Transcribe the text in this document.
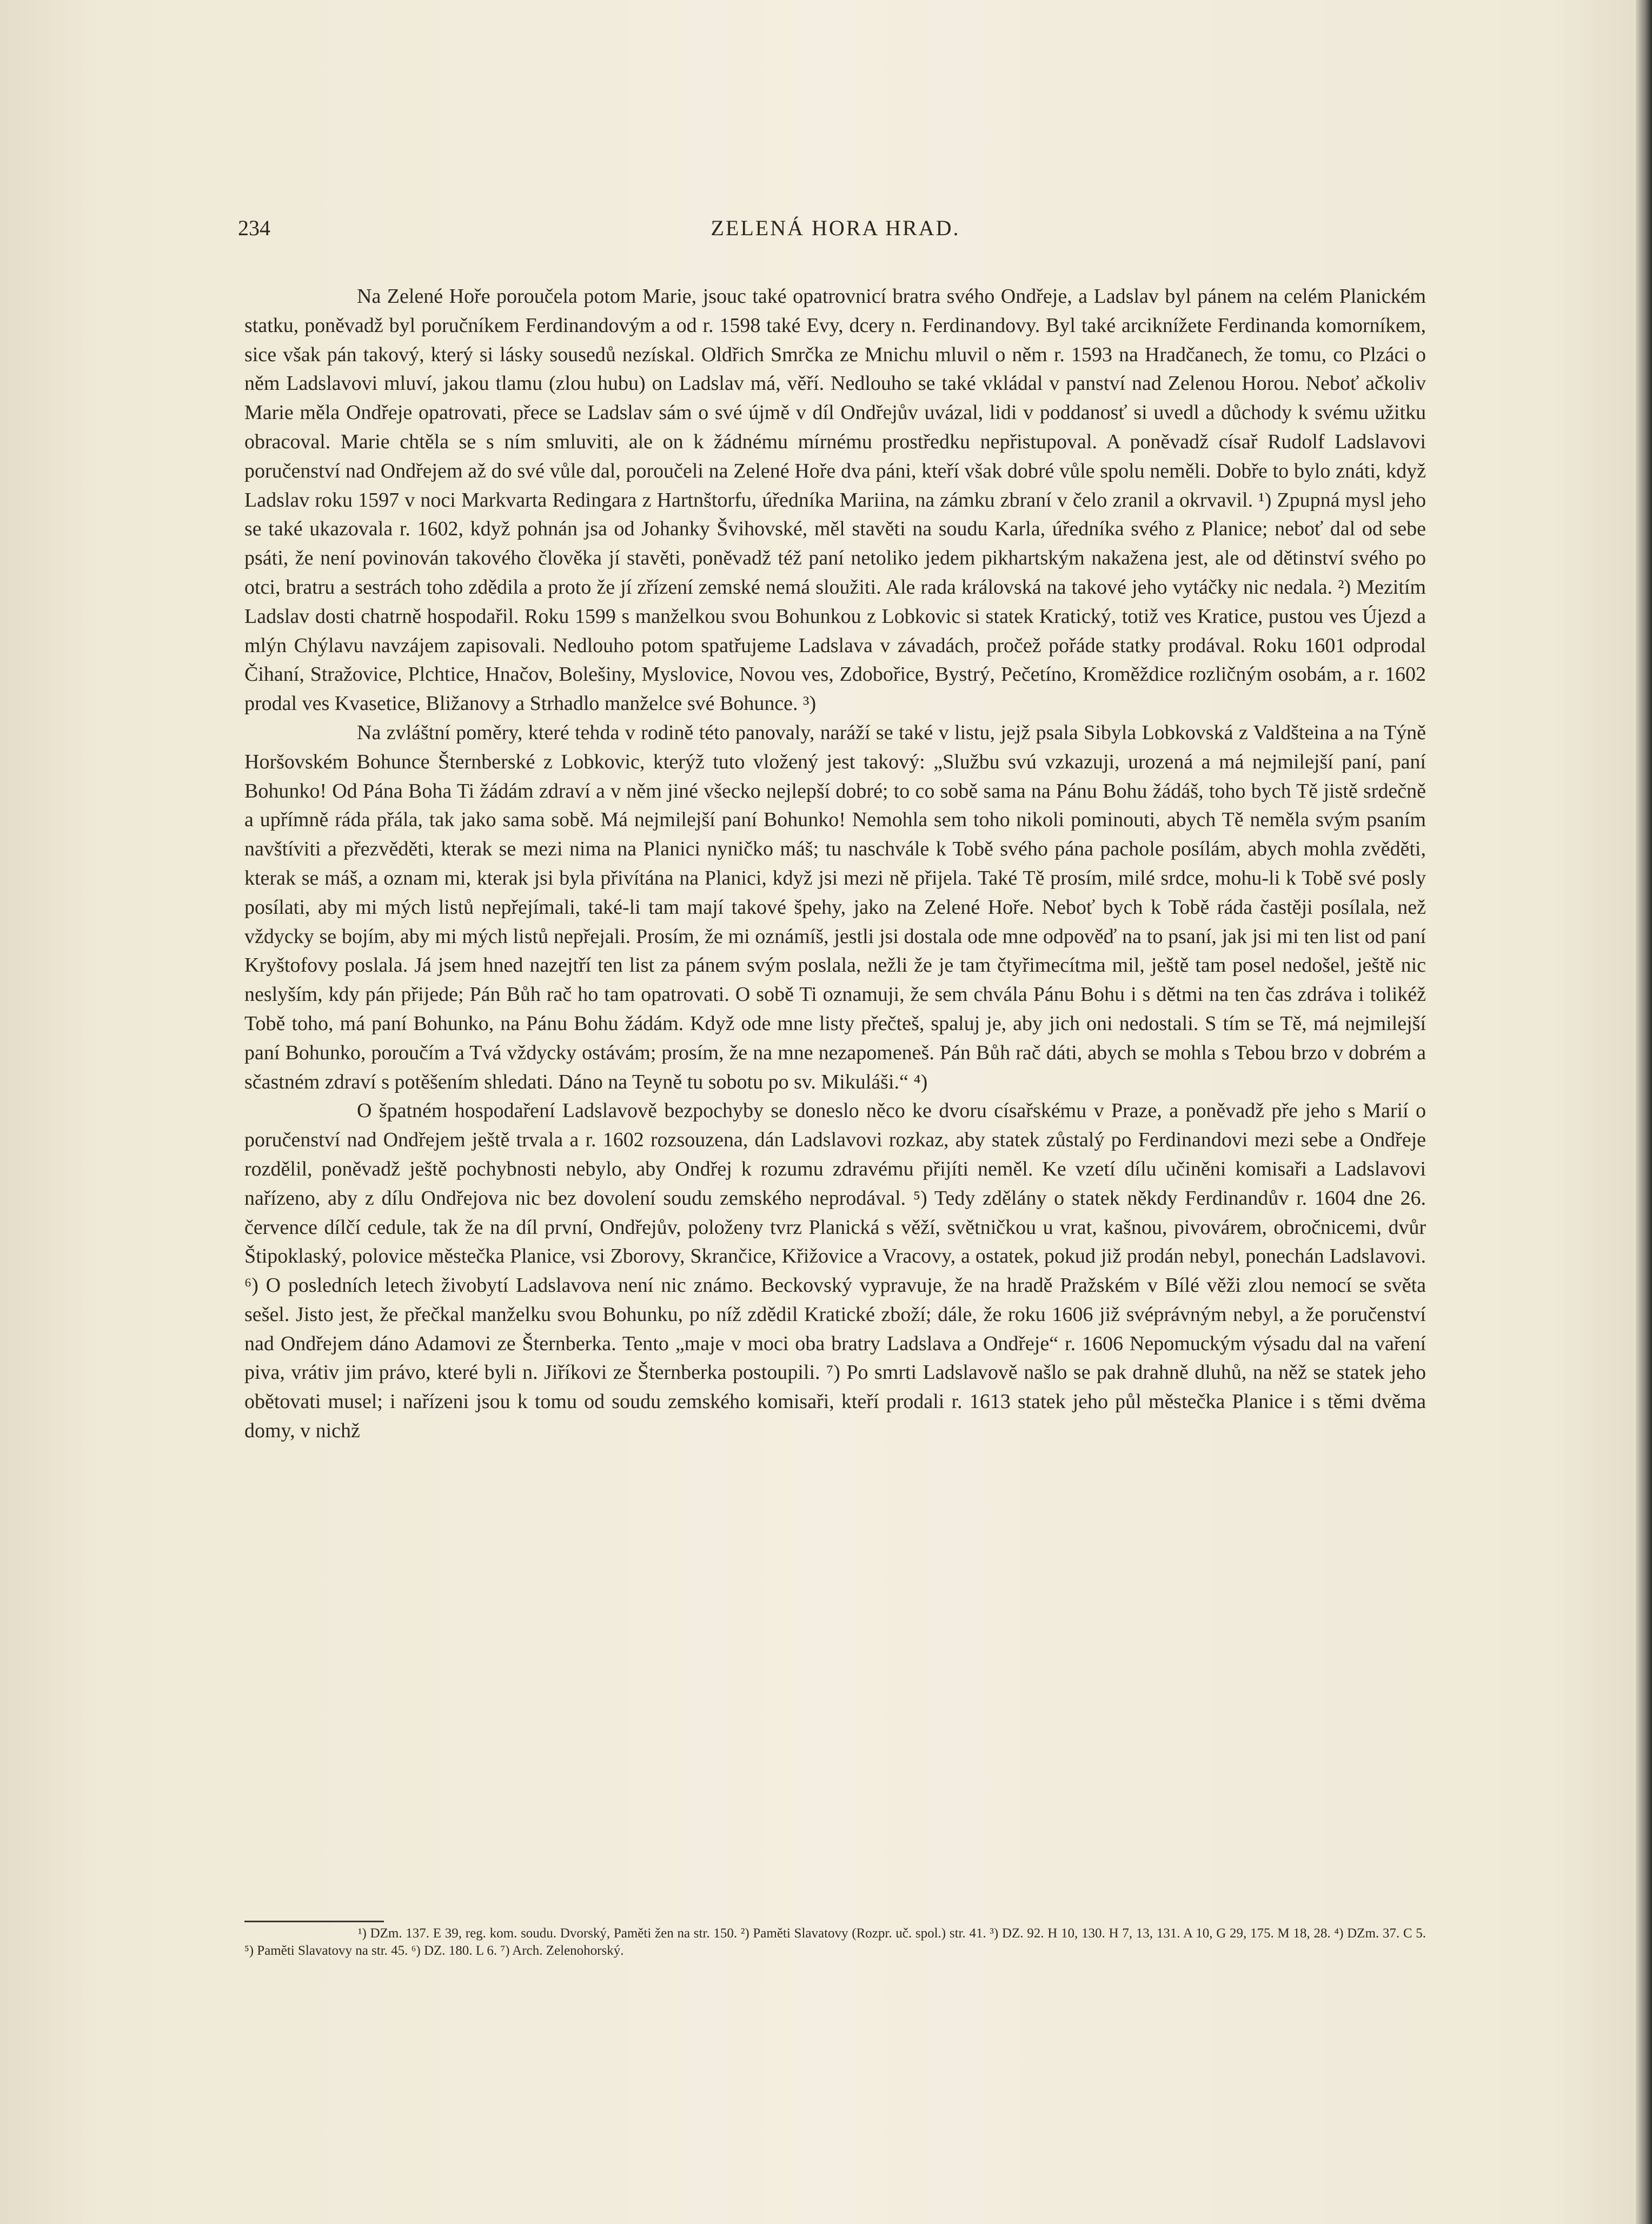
234	ZELENÁ HORA HRAD.

Na Zelené Hoře poroučela potom Marie, jsouc také opatrovnicí bratra svého Ondřeje, a Ladslav byl pánem na celém Planickém statku, poněvadž byl poručníkem Ferdinandovým a od r. 1598 také Evy, dcery n. Ferdinandovy. Byl také arciknížete Ferdinanda komorníkem, sice však pán takový, který si lásky sousedů nezískal. Oldřich Smrčka ze Mnichu mluvil o něm r. 1593 na Hradčanech, že tomu, co Plzáci o něm Ladslavovi mluví, jakou tlamu (zlou hubu) on Ladslav má, věří. Nedlouho se také vkládal v panství nad Zelenou Horou. Neboť ačkoliv Marie měla Ondřeje opatrovati, přece se Ladslav sám o své újmě v díl Ondřejův uvázal, lidi v poddanosť si uvedl a důchody k svému užitku obracoval. Marie chtěla se s ním smluviti, ale on k žádnému mírnému prostředku nepřistupoval. A poněvadž císař Rudolf Ladslavovi poručenství nad Ondřejem až do své vůle dal, poroučeli na Zelené Hoře dva páni, kteří však dobré vůle spolu neměli. Dobře to bylo znáti, když Ladslav roku 1597 v noci Markvarta Redingara z Hartnštorfu, úředníka Mariina, na zámku zbraní v čelo zranil a okrvavil. ¹) Zpupná mysl jeho se také ukazovala r. 1602, když pohnán jsa od Johanky Švihovské, měl stavěti na soudu Karla, úředníka svého z Planice; neboť dal od sebe psáti, že není povinován takového člověka jí stavěti, poněvadž též paní netoliko jedem pikhartským nakažena jest, ale od dětinství svého po otci, bratru a sestrách toho zdědila a proto že jí zřízení zemské nemá sloužiti. Ale rada královská na takové jeho vytáčky nic nedala. ²) Mezitím Ladslav dosti chatrně hospodařil. Roku 1599 s manželkou svou Bohunkou z Lobkovic si statek Kratický, totiž ves Kratice, pustou ves Újezd a mlýn Chýlavu navzájem zapisovali. Nedlouho potom spatřujeme Ladslava v závadách, pročež pořáde statky prodával. Roku 1601 odprodal Čihaní, Stražovice, Plchtice, Hnačov, Bolešiny, Myslovice, Novou ves, Zdobořice, Bystrý, Pečetíno, Kroměždice rozličným osobám, a r. 1602 prodal ves Kvasetice, Bližanovy a Strhadlo manželce své Bohunce. ³)

Na zvláštní poměry, které tehda v rodině této panovaly, naráží se také v listu, jejž psala Sibyla Lobkovská z Valdšteina a na Týně Horšovském Bohunce Šternberské z Lobkovic, kterýž tuto vložený jest takový: „Službu svú vzkazuji, urozená a má nejmilejší paní, paní Bohunko! Od Pána Boha Ti žádám zdraví a v něm jiné všecko nejlepší dobré; to co sobě sama na Pánu Bohu žádáš, toho bych Tě jistě srdečně a upřímně ráda přála, tak jako sama sobě. Má nejmilejší paní Bohunko! Nemohla sem toho nikoli pominouti, abych Tě neměla svým psaním navštíviti a přezvěděti, kterak se mezi nima na Planici nyničko máš; tu naschvále k Tobě svého pána pachole posílám, abych mohla zvěděti, kterak se máš, a oznam mi, kterak jsi byla přivítána na Planici, když jsi mezi ně přijela. Také Tě prosím, milé srdce, mohu-li k Tobě své posly posílati, aby mi mých listů nepřejímali, také-li tam mají takové špehy, jako na Zelené Hoře. Neboť bych k Tobě ráda častěji posílala, než vždycky se bojím, aby mi mých listů nepřejali. Prosím, že mi oznámíš, jestli jsi dostala ode mne odpověď na to psaní, jak jsi mi ten list od paní Kryštofovy poslala. Já jsem hned nazejtří ten list za pánem svým poslala, nežli že je tam čtyřimecítma mil, ještě tam posel nedošel, ještě nic neslyším, kdy pán přijede; Pán Bůh rač ho tam opatrovati. O sobě Ti oznamuji, že sem chvála Pánu Bohu i s dětmi na ten čas zdráva i tolikéž Tobě toho, má paní Bohunko, na Pánu Bohu žádám. Když ode mne listy přečteš, spaluj je, aby jich oni nedostali. S tím se Tě, má nejmilejší paní Bohunko, poroučím a Tvá vždycky ostávám; prosím, že na mne nezapomeneš. Pán Bůh rač dáti, abych se mohla s Tebou brzo v dobrém a sčastném zdraví s potěšením shledati. Dáno na Teyně tu sobotu po sv. Mikuláši.“ ⁴)

O špatném hospodaření Ladslavově bezpochyby se doneslo něco ke dvoru císařskému v Praze, a poněvadž pře jeho s Marií o poručenství nad Ondřejem ještě trvala a r. 1602 rozsouzena, dán Ladslavovi rozkaz, aby statek zůstalý po Ferdinandovi mezi sebe a Ondřeje rozdělil, poněvadž ještě pochybnosti nebylo, aby Ondřej k rozumu zdravému přijíti neměl. Ke vzetí dílu učiněni komisaři a Ladslavovi nařízeno, aby z dílu Ondřejova nic bez dovolení soudu zemského neprodával. ⁵) Tedy zdělány o statek někdy Ferdinandův r. 1604 dne 26. července dílčí cedule, tak že na díl první, Ondřejův, položeny tvrz Planická s věží, světničkou u vrat, kašnou, pivovárem, obročnicemi, dvůr Štipoklaský, polovice městečka Planice, vsi Zborovy, Skrančice, Křižovice a Vracovy, a ostatek, pokud již prodán nebyl, ponechán Ladslavovi. ⁶) O posledních letech živobytí Ladslavova není nic známo. Beckovský vypravuje, že na hradě Pražském v Bílé věži zlou nemocí se světa sešel. Jisto jest, že přečkal manželku svou Bohunku, po níž zdědil Kratické zboží; dále, že roku 1606 již svéprávným nebyl, a že poručenství nad Ondřejem dáno Adamovi ze Šternberka. Tento „maje v moci oba bratry Ladslava a Ondřeje“ r. 1606 Nepomuckým výsadu dal na vaření piva, vrátiv jim právo, které byli n. Jiříkovi ze Šternberka postoupili. ⁷) Po smrti Ladslavově našlo se pak drahně dluhů, na něž se statek jeho obětovati musel; i nařízeni jsou k tomu od soudu zemského komisaři, kteří prodali r. 1613 statek jeho půl městečka Planice i s těmi dvěma domy, v nichž

¹) DZm. 137. E 39, reg. kom. soudu. Dvorský, Paměti žen na str. 150. ²) Paměti Slavatovy (Rozpr. uč. spol.) str. 41. ³) DZ. 92. H 10, 130. H 7, 13, 131. A 10, G 29, 175. M 18, 28. ⁴) DZm. 37. C 5. ⁵) Paměti Slavatovy na str. 45. ⁶) DZ. 180. L 6. ⁷) Arch. Zelenohorský.
